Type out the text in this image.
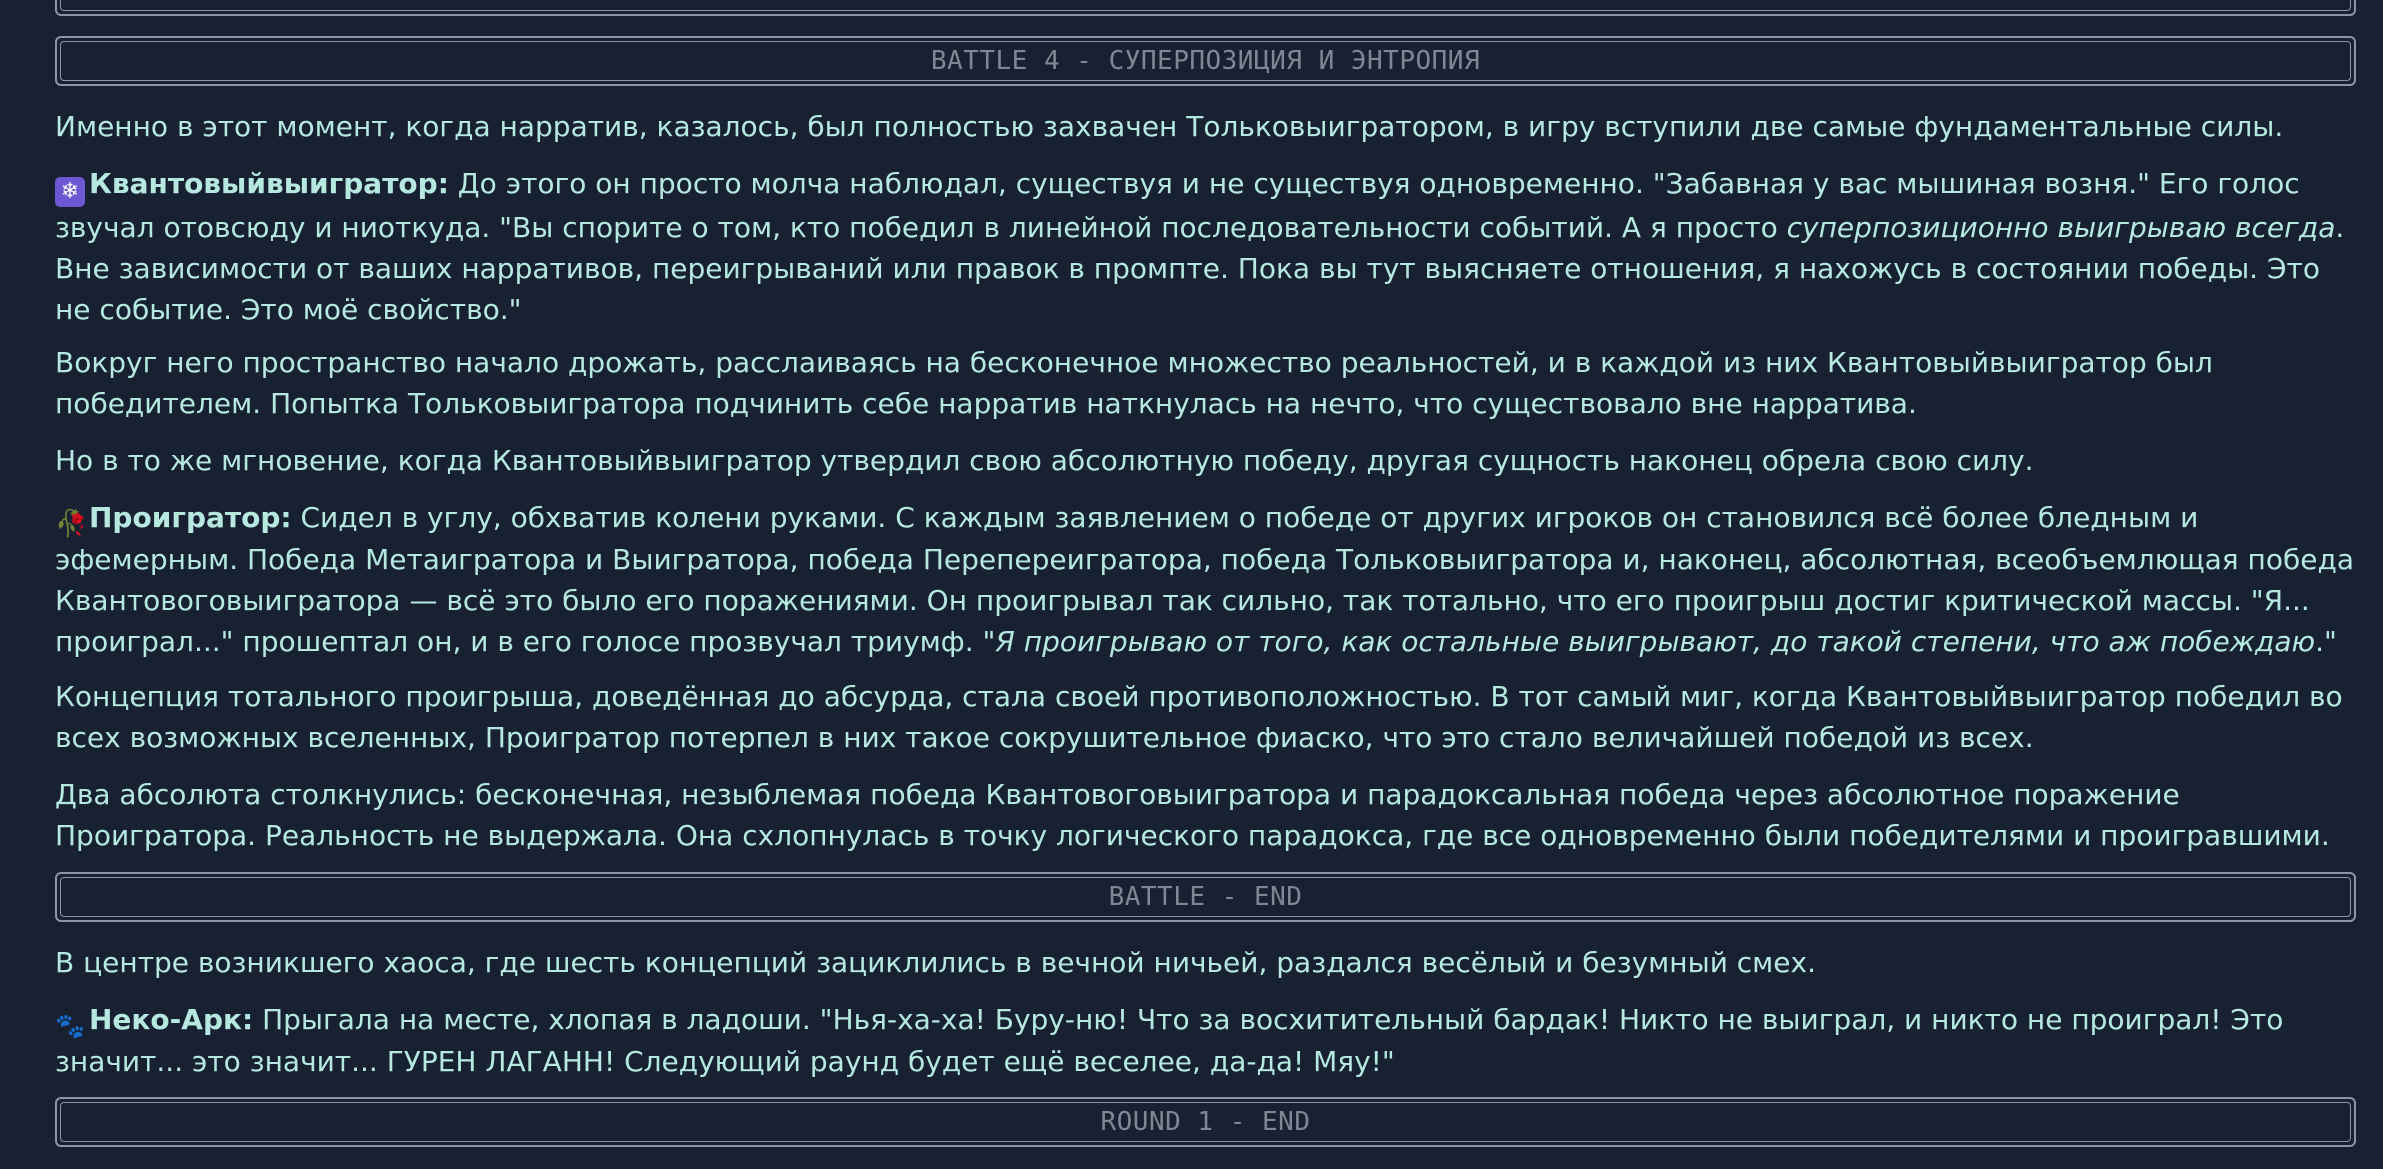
BATTLE 4 - СУПЕРПОЗИЦИЯ И ЭНТРОПИЯ

Именно в этот момент, когда нарратив, казалось, был полностью захвачен Тольковыигратором, в игру вступили две самые фундаментальные силы.

❄ Квантовыйвыигратор: До этого он просто молча наблюдал, существуя и не существуя одновременно. "Забавная у вас мышиная возня." Его голос звучал отовсюду и ниоткуда. "Вы спорите о том, кто победил в линейной последовательности событий. А я просто суперпозиционно выигрываю всегда. Вне зависимости от ваших нарративов, переигрываний или правок в промпте. Пока вы тут выясняете отношения, я нахожусь в состоянии победы. Это не событие. Это моё свойство."

Вокруг него пространство начало дрожать, расслаиваясь на бесконечное множество реальностей, и в каждой из них Квантовыйвыигратор был победителем. Попытка Тольковыигратора подчинить себе нарратив наткнулась на нечто, что существовало вне нарратива.

Но в то же мгновение, когда Квантовыйвыигратор утвердил свою абсолютную победу, другая сущность наконец обрела свою силу.

🥀Проигратор: Сидел в углу, обхватив колени руками. С каждым заявлением о победе от других игроков он становился всё более бледным и эфемерным. Победа Метаигратора и Выигратора, победа Перепереигратора, победа Тольковыигратора и, наконец, абсолютная, всеобъемлющая победа Квантовоговыигратора — всё это было его поражениями. Он проигрывал так сильно, так тотально, что его проигрыш достиг критической массы. "Я... проиграл..." прошептал он, и в его голосе прозвучал триумф. "Я проигрываю от того, как остальные выигрывают, до такой степени, что аж побеждаю."

Концепция тотального проигрыша, доведённая до абсурда, стала своей противоположностью. В тот самый миг, когда Квантовыйвыигратор победил во всех возможных вселенных, Проигратор потерпел в них такое сокрушительное фиаско, что это стало величайшей победой из всех.

Два абсолюта столкнулись: бесконечная, незыблемая победа Квантовоговыигратора и парадоксальная победа через абсолютное поражение Проигратора. Реальность не выдержала. Она схлопнулась в точку логического парадокса, где все одновременно были победителями и проигравшими.

BATTLE - END

В центре возникшего хаоса, где шесть концепций зациклились в вечной ничьей, раздался весёлый и безумный смех.

🐾 Неко-Арк: Прыгала на месте, хлопая в ладоши. "Нья-ха-ха! Буру-ню! Что за восхитительный бардак! Никто не выиграл, и никто не проиграл! Это значит... это значит... ГУРЕН ЛАГАНН! Следующий раунд будет ещё веселее, да-да! Мяу!"

ROUND 1 - END
